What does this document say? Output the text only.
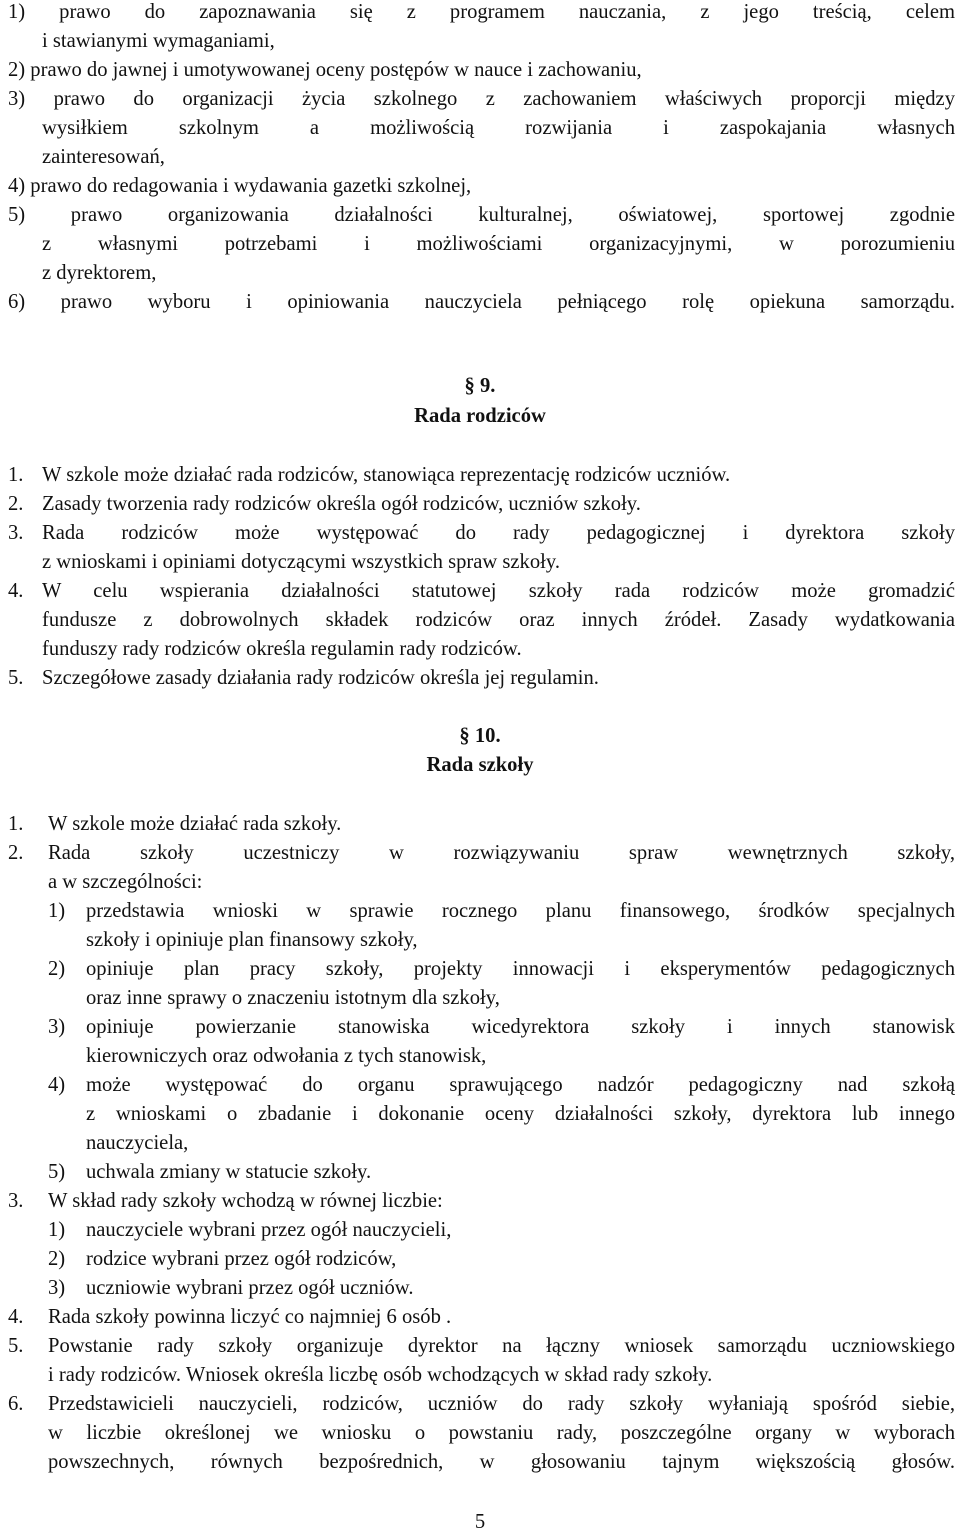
1) prawo do zapoznawania się z programem nauczania, z jego treścią, celem
i stawianymi wymaganiami,
2) prawo do jawnej i umotywowanej oceny postępów w nauce i zachowaniu,
3) prawo do organizacji życia szkolnego z zachowaniem właściwych proporcji między
wysiłkiem szkolnym a możliwością rozwijania i zaspokajania własnych
zainteresowań,
4) prawo do redagowania i wydawania gazetki szkolnej,
5) prawo organizowania działalności kulturalnej, oświatowej, sportowej zgodnie
z własnymi potrzebami i możliwościami organizacyjnymi, w porozumieniu
z dyrektorem,
6) prawo wyboru i opiniowania nauczyciela pełniącego rolę opiekuna samorządu.
§ 9.
Rada rodziców
1. W szkole może działać rada rodziców, stanowiąca reprezentację rodziców uczniów.
2. Zasady tworzenia rady rodziców określa ogół rodziców, uczniów szkoły.
3. Rada rodziców może występować do rady pedagogicznej i dyrektora szkoły
z wnioskami i opiniami dotyczącymi wszystkich spraw szkoły.
4. W celu wspierania działalności statutowej szkoły rada rodziców może gromadzić
fundusze z dobrowolnych składek rodziców oraz innych źródeł. Zasady wydatkowania
funduszy rady rodziców określa regulamin rady rodziców.
5. Szczegółowe zasady działania rady rodziców określa jej regulamin.
§ 10.
Rada szkoły
1. W szkole może działać rada szkoły.
2. Rada szkoły uczestniczy w rozwiązywaniu spraw wewnętrznych szkoły,
a w szczególności:
1) przedstawia wnioski w sprawie rocznego planu finansowego, środków specjalnych
szkoły i opiniuje plan finansowy szkoły,
2) opiniuje plan pracy szkoły, projekty innowacji i eksperymentów pedagogicznych
oraz inne sprawy o znaczeniu istotnym dla szkoły,
3) opiniuje powierzanie stanowiska wicedyrektora szkoły i innych stanowisk
kierowniczych oraz odwołania z tych stanowisk,
4) może występować do organu sprawującego nadzór pedagogiczny nad szkołą
z wnioskami o zbadanie i dokonanie oceny działalności szkoły, dyrektora lub innego
nauczyciela,
5) uchwala zmiany w statucie szkoły.
3. W skład rady szkoły wchodzą w równej liczbie:
1) nauczyciele wybrani przez ogół nauczycieli,
2) rodzice wybrani przez ogół rodziców,
3) uczniowie wybrani przez ogół uczniów.
4. Rada szkoły powinna liczyć co najmniej 6 osób .
5. Powstanie rady szkoły organizuje dyrektor na łączny wniosek samorządu uczniowskiego
i rady rodziców. Wniosek określa liczbę osób wchodzących w skład rady szkoły.
6. Przedstawicieli nauczycieli, rodziców, uczniów do rady szkoły wyłaniają spośród siebie,
w liczbie określonej we wniosku o powstaniu rady, poszczególne organy w wyborach
powszechnych, równych bezpośrednich, w głosowaniu tajnym większością głosów.
5
